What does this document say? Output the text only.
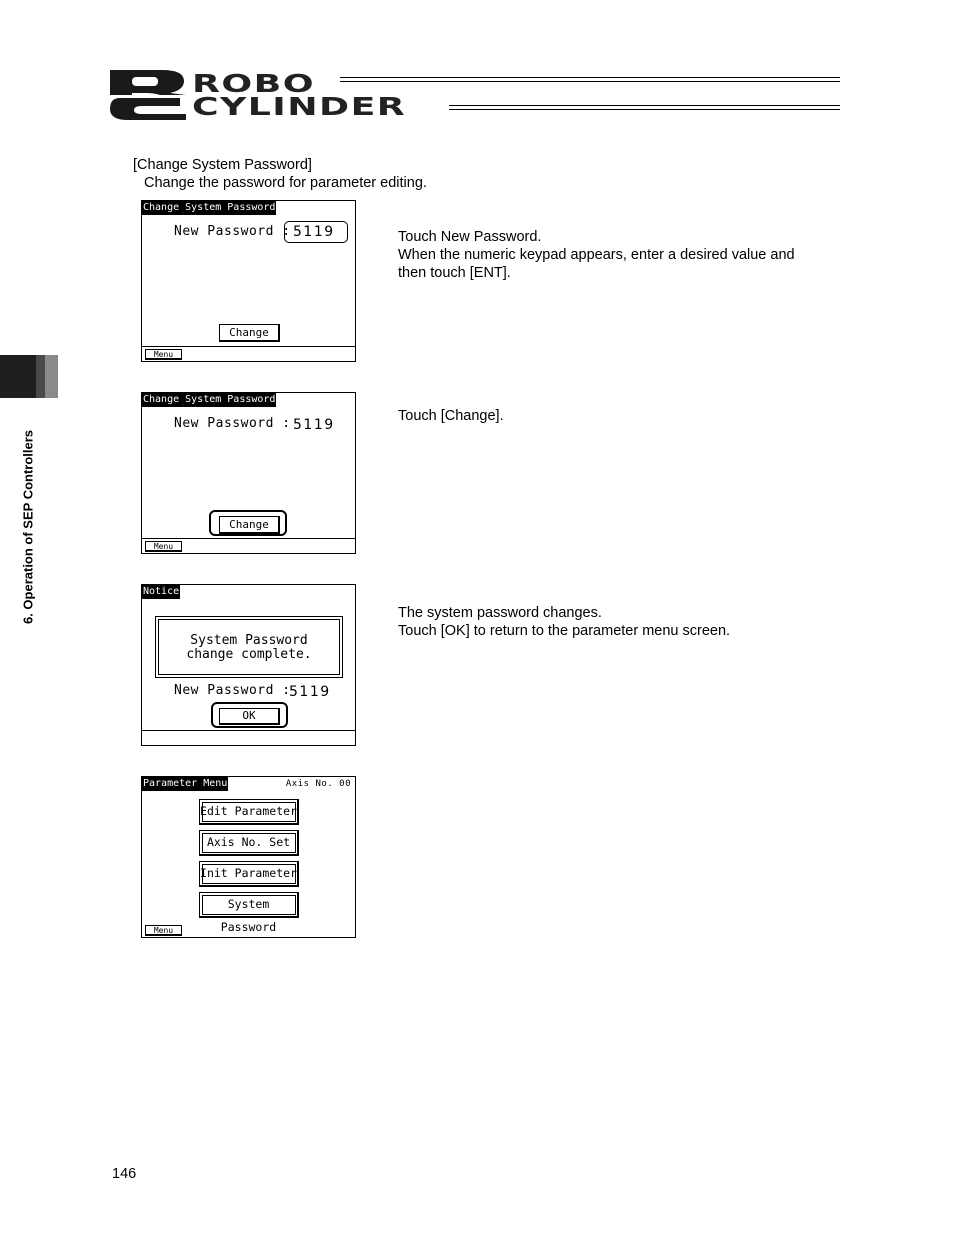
ROBO
CYLINDER
6. Operation of SEP Controllers
[Change System Password]
Change the password for parameter editing.
Change System Password
New Password : 5119
Change
Menu
Touch New Password.
When the numeric keypad appears, enter a desired value and
then touch [ENT].
Change System Password
New Password : 5119
Change
Menu
Touch [Change].
Notice
System Password
change complete.
New Password :
5119
OK
The system password changes.
Touch [OK] to return to the parameter menu screen.
Parameter Menu	Axis No. 00
Edit Parameter
Axis No. Set
Init Parameter
System Password
Menu
146
